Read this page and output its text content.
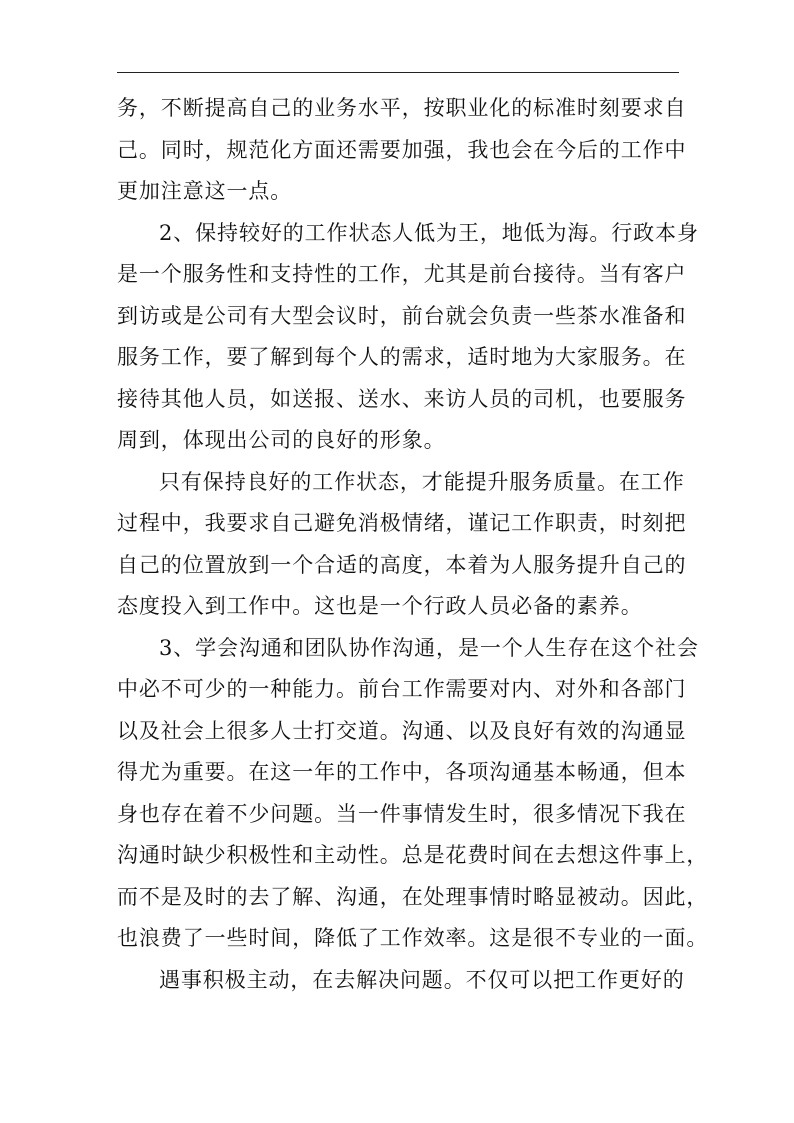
务，不断提高自己的业务水平，按职业化的标准时刻要求自
己。同时，规范化方面还需要加强，我也会在今后的工作中
更加注意这一点。

2、保持较好的工作状态人低为王，地低为海。行政本身
是一个服务性和支持性的工作，尤其是前台接待。当有客户
到访或是公司有大型会议时，前台就会负责一些茶水准备和
服务工作，要了解到每个人的需求，适时地为大家服务。在
接待其他人员，如送报、送水、来访人员的司机，也要服务
周到，体现出公司的良好的形象。

只有保持良好的工作状态，才能提升服务质量。在工作
过程中，我要求自己避免消极情绪，谨记工作职责，时刻把
自己的位置放到一个合适的高度，本着为人服务提升自己的
态度投入到工作中。这也是一个行政人员必备的素养。

3、学会沟通和团队协作沟通，是一个人生存在这个社会
中必不可少的一种能力。前台工作需要对内、对外和各部门
以及社会上很多人士打交道。沟通、以及良好有效的沟通显
得尤为重要。在这一年的工作中，各项沟通基本畅通，但本
身也存在着不少问题。当一件事情发生时，很多情况下我在
沟通时缺少积极性和主动性。总是花费时间在去想这件事上，
而不是及时的去了解、沟通，在处理事情时略显被动。因此，
也浪费了一些时间，降低了工作效率。这是很不专业的一面。

遇事积极主动，在去解决问题。不仅可以把工作更好的
